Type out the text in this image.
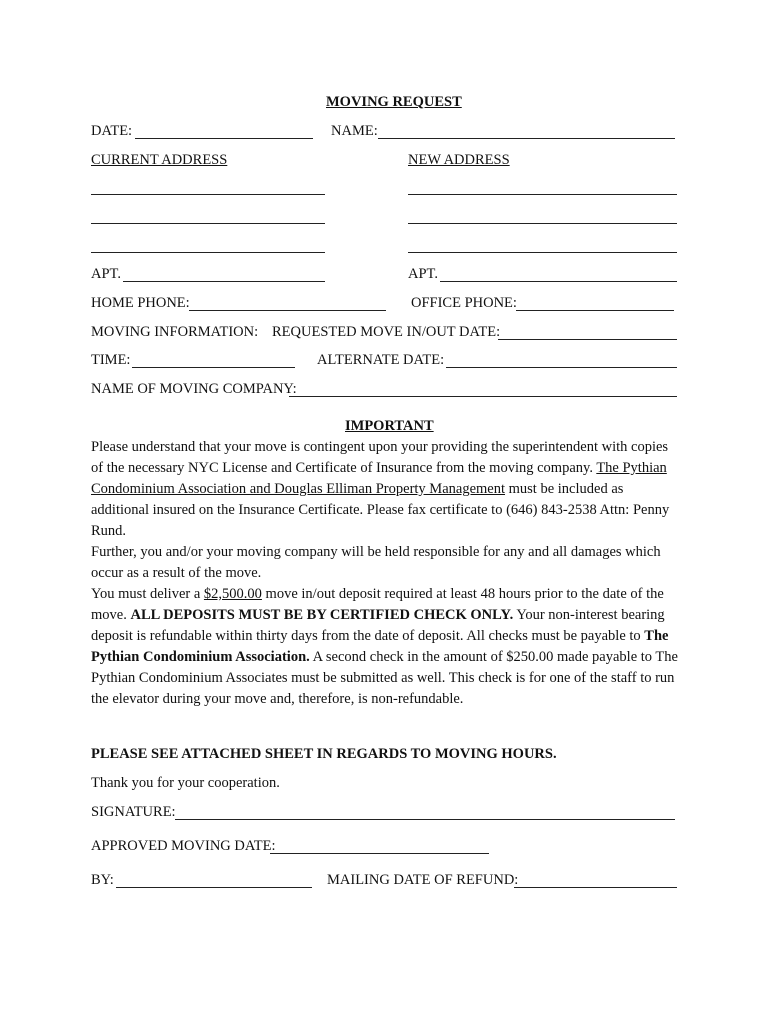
MOVING REQUEST
DATE:	NAME:
CURRENT ADDRESS	NEW ADDRESS
APT.	APT.
HOME PHONE:	OFFICE PHONE:
MOVING INFORMATION: REQUESTED MOVE IN/OUT DATE:
TIME:	ALTERNATE DATE:
NAME OF MOVING COMPANY:
IMPORTANT

Please understand that your move is contingent upon your providing the superintendent with copies of the necessary NYC License and Certificate of Insurance from the moving company. The Pythian Condominium Association and Douglas Elliman Property Management must be included as additional insured on the Insurance Certificate. Please fax certificate to (646) 843-2538 Attn: Penny Rund.

Further, you and/or your moving company will be held responsible for any and all damages which occur as a result of the move.

You must deliver a $2,500.00 move in/out deposit required at least 48 hours prior to the date of the move. ALL DEPOSITS MUST BE BY CERTIFIED CHECK ONLY. Your non-interest bearing deposit is refundable within thirty days from the date of deposit. All checks must be payable to The Pythian Condominium Association. A second check in the amount of $250.00 made payable to The Pythian Condominium Associates must be submitted as well. This check is for one of the staff to run the elevator during your move and, therefore, is non-refundable.

PLEASE SEE ATTACHED SHEET IN REGARDS TO MOVING HOURS.
Thank you for your cooperation.
SIGNATURE:
APPROVED MOVING DATE:
BY:	MAILING DATE OF REFUND:
